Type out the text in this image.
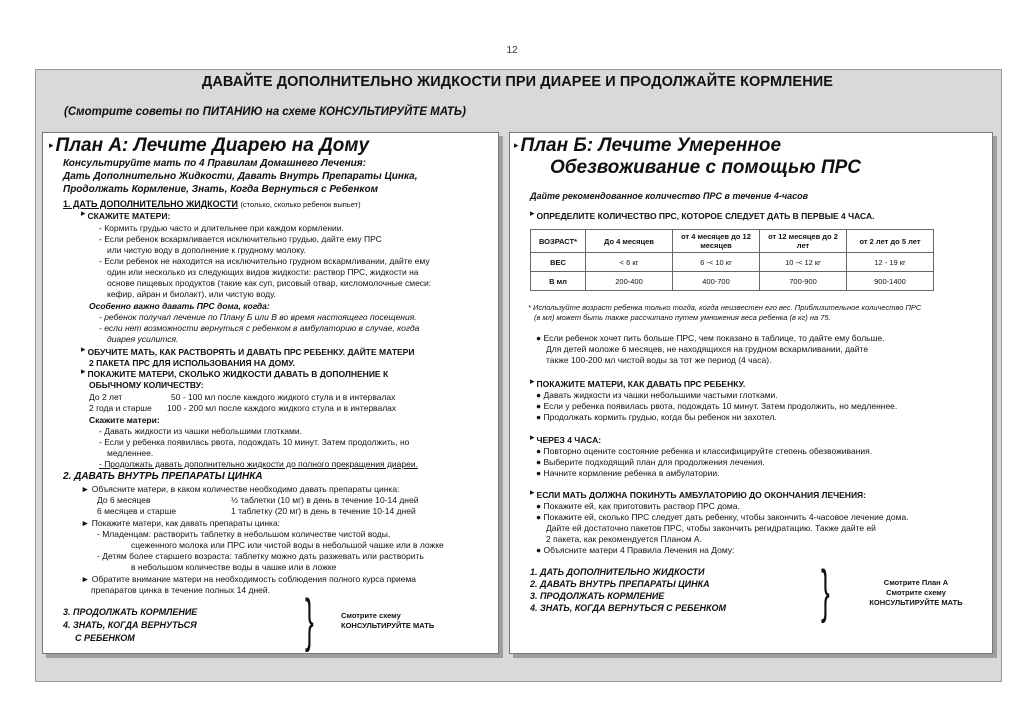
12
ДАВАЙТЕ ДОПОЛНИТЕЛЬНО ЖИДКОСТИ ПРИ ДИАРЕЕ И ПРОДОЛЖАЙТЕ КОРМЛЕНИЕ
(Смотрите советы по ПИТАНИЮ на схеме КОНСУЛЬТИРУЙТЕ МАТЬ)
▸ План А: Лечите Диарею на Дому
Консультируйте мать по 4 Правилам Домашнего Лечения:
Дать Дополнительно Жидкости, Давать Внутрь Препараты Цинка,
Продолжать Кормление, Знать, Когда Вернуться с Ребенком
1. ДАТЬ ДОПОЛНИТЕЛЬНО ЖИДКОСТИ (столько, сколько ребенок выпьет)
▸ СКАЖИТЕ МАТЕРИ:
- Кормить грудью часто и длительнее при каждом кормлении.
- Если ребенок вскармливается исключительно грудью, дайте ему ПРС
или чистую воду в дополнение к грудному молоку.
- Если ребенок не находится на исключительно грудном вскармливании, дайте ему
один или несколько из следующих видов жидкости: раствор ПРС, жидкости на
основе пищевых продуктов (такие как суп, рисовый отвар, кисломолочные смеси:
кефир, айран и биолакт), или чистую воду.
Особенно важно давать ПРС дома, когда:
- ребенок получал лечение по Плану Б или В во время настоящего посещения.
- если нет возможности вернуться с ребенком в амбулаторию в случае, когда
диарея усилится.
▸ ОБУЧИТЕ МАТЬ, КАК РАСТВОРЯТЬ И ДАВАТЬ ПРС РЕБЕНКУ. ДАЙТЕ МАТЕРИ
2 ПАКЕТА ПРС ДЛЯ ИСПОЛЬЗОВАНИЯ НА ДОМУ.
▸ ПОКАЖИТЕ МАТЕРИ, СКОЛЬКО ЖИДКОСТИ ДАВАТЬ В ДОПОЛНЕНИЕ К
ОБЫЧНОМУ КОЛИЧЕСТВУ:
До 2 лет	50 - 100 мл после каждого жидкого стула и в интервалах
2 года и старше 100 - 200 мл после каждого жидкого стула и в интервалах
Скажите матери:
- Давать жидкости из чашки небольшими глотками.
- Если у ребенка появилась рвота, подождать 10 минут. Затем продолжить, но
медленнее.
- Продолжать давать дополнительно жидкости до полного прекращения диареи.
2. ДАВАТЬ ВНУТРЬ ПРЕПАРАТЫ ЦИНКА
► Объясните матери, в каком количестве необходимо давать препараты цинка:
До 6 месяцев	½ таблетки (10 мг) в день в течение 10-14 дней
6 месяцев и старше	1 таблетку (20 мг) в день в течение 10-14 дней
► Покажите матери, как давать препараты цинка:
- Младенцам: растворить таблетку в небольшом количестве чистой воды,
сцеженного молока или ПРС или чистой воды в небольшой чашке или в ложке
- Детям более старшего возраста: таблетку можно дать разжевать или растворить
в небольшом количестве воды в чашке или в ложке
► Обратите внимание матери на необходимость соблюдения полного курса приема
препаратов цинка в течение полных 14 дней.
3. ПРОДОЛЖАТЬ КОРМЛЕНИЕ
4. ЗНАТЬ, КОГДА ВЕРНУТЬСЯ
С РЕБЕНКОМ	}	Смотрите схему
КОНСУЛЬТИРУЙТЕ МАТЬ
▸ План Б: Лечите Умеренное
Обезвоживание с помощью ПРС
Дайте рекомендованное количество ПРС в течение 4-часов
▸ ОПРЕДЕЛИТЕ КОЛИЧЕСТВО ПРС, КОТОРОЕ СЛЕДУЕТ ДАТЬ В ПЕРВЫЕ 4 ЧАСА.
ВОЗРАСТ*	До 4 месяцев	от 4 месяцев до 12 месяцев	от 12 месяцев до 2 лет	от 2 лет до 5 лет
ВЕС	< 6 кг	6 -< 10 кг	10 -< 12 кг	12 - 19 кг
В мл	200-400	400-700	700-900	900-1400
* Используйте возраст ребенка только тогда, когда неизвестен его вес. Приблизительное количество ПРС
(в мл) может быть также рассчитано путем умножения веса ребенка (в кг) на 75.
● Если ребенок хочет пить больше ПРС, чем показано в таблице, то дайте ему больше.
Для детей моложе 6 месяцев, не находящихся на грудном вскармливании, дайте
также 100-200 мл чистой воды за тот же период (4 часа).
▸ ПОКАЖИТЕ МАТЕРИ, КАК ДАВАТЬ ПРС РЕБЕНКУ.
● Давать жидкости из чашки небольшими частыми глотками.
● Если у ребенка появилась рвота, подождать 10 минут. Затем продолжить, но медленнее.
● Продолжать кормить грудью, когда бы ребенок ни захотел.
▸ ЧЕРЕЗ 4 ЧАСА:
● Повторно оцените состояние ребенка и классифицируйте степень обезвоживания.
● Выберите подходящий план для продолжения лечения.
● Начните кормление ребенка в амбулатории.
▸ ЕСЛИ МАТЬ ДОЛЖНА ПОКИНУТЬ АМБУЛАТОРИЮ ДО ОКОНЧАНИЯ ЛЕЧЕНИЯ:
● Покажите ей, как приготовить раствор ПРС дома.
● Покажите ей, сколько ПРС следует дать ребенку, чтобы закончить 4-часовое лечение дома.
Дайте ей достаточно пакетов ПРС, чтобы закончить регидратацию. Также дайте ей
2 пакета, как рекомендуется Планом А.
● Объясните матери 4 Правила Лечения на Дому:
1. ДАТЬ ДОПОЛНИТЕЛЬНО ЖИДКОСТИ
2. ДАВАТЬ ВНУТРЬ ПРЕПАРАТЫ ЦИНКА
3. ПРОДОЛЖАТЬ КОРМЛЕНИЕ
4. ЗНАТЬ, КОГДА ВЕРНУТЬСЯ С РЕБЕНКОМ }	Смотрите План А
Смотрите схему
КОНСУЛЬТИРУЙТЕ МАТЬ
